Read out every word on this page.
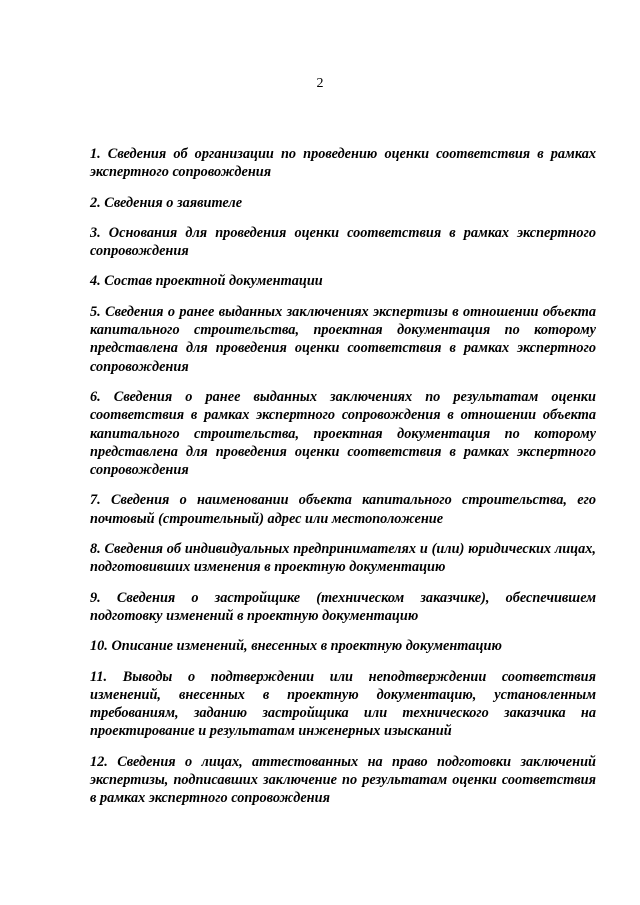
2
1. Сведения об организации по проведению оценки соответствия в рамках экспертного сопровождения
2. Сведения о заявителе
3. Основания для проведения оценки соответствия в рамках экспертного сопровождения
4. Состав проектной документации
5. Сведения о ранее выданных заключениях экспертизы в отношении объекта капитального строительства, проектная документация по которому представлена для проведения оценки соответствия в рамках экспертного сопровождения
6. Сведения о ранее выданных заключениях по результатам оценки соответствия в рамках экспертного сопровождения в отношении объекта капитального строительства, проектная документация по которому представлена для проведения оценки соответствия в рамках экспертного сопровождения
7. Сведения о наименовании объекта капитального строительства, его почтовый (строительный) адрес или местоположение
8. Сведения об индивидуальных предпринимателях и (или) юридических лицах, подготовивших изменения в проектную документацию
9. Сведения о застройщике (техническом заказчике), обеспечившем подготовку изменений в проектную документацию
10. Описание изменений, внесенных в проектную документацию
11. Выводы о подтверждении или неподтверждении соответствия изменений, внесенных в проектную документацию, установленным требованиям, заданию застройщика или технического заказчика на проектирование и результатам инженерных изысканий
12. Сведения о лицах, аттестованных на право подготовки заключений экспертизы, подписавших заключение по результатам оценки соответствия в рамках экспертного сопровождения
